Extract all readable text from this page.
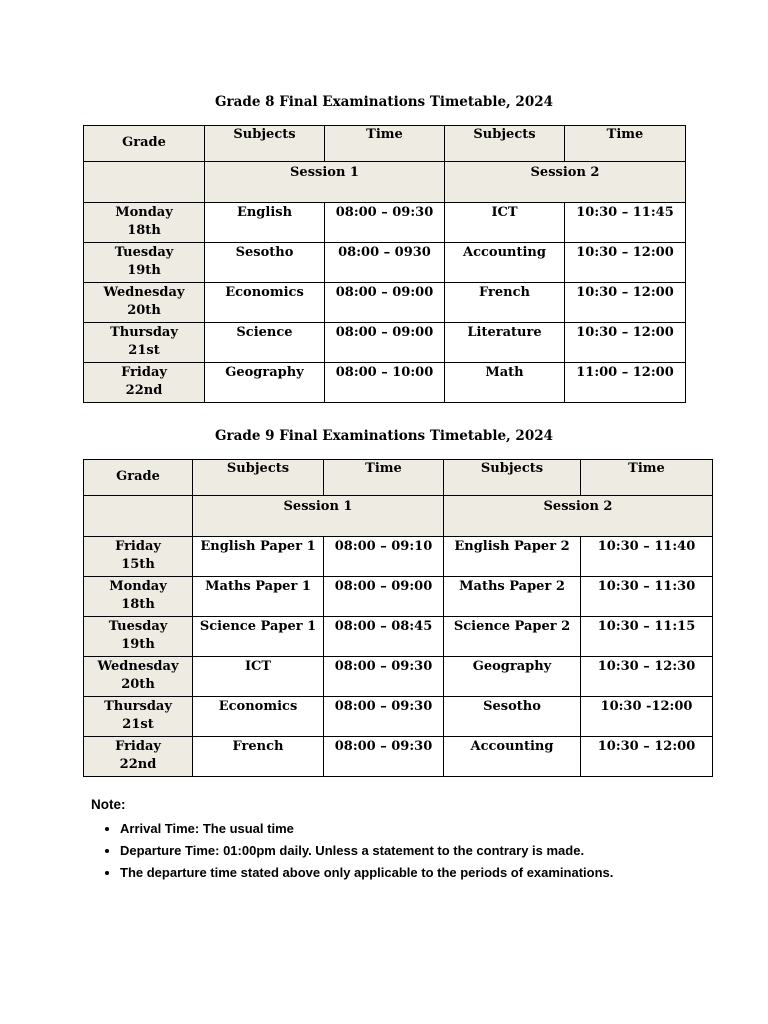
Grade 8 Final Examinations Timetable, 2024
Grade	Subjects	Time	Subjects	Time
	Session 1		Session 2	

Monday
18th	English	08:00 – 09:30	ICT	10:30 – 11:45

Tuesday
19th	Sesotho	08:00 – 0930	Accounting	10:30 – 12:00

Wednesday
20th	Economics	08:00 – 09:00	French	10:30 – 12:00

Thursday
21st	Science	08:00 – 09:00	Literature	10:30 – 12:00

Friday
22nd	Geography	08:00 – 10:00	Math	11:00 – 12:00
Grade 9 Final Examinations Timetable, 2024
Grade	Subjects	Time	Subjects	Time
	Session 1		Session 2	

Friday
15th	English Paper 1	08:00 – 09:10	English Paper 2	10:30 – 11:40

Monday
18th	Maths Paper 1	08:00 – 09:00	Maths Paper 2	10:30 – 11:30

Tuesday
19th	Science Paper 1	08:00 – 08:45	Science Paper 2	10:30 – 11:15

Wednesday
20th	ICT	08:00 – 09:30	Geography	10:30 – 12:30

Thursday
21st	Economics	08:00 – 09:30	Sesotho	10:30 -12:00

Friday
22nd	French	08:00 – 09:30	Accounting	10:30 – 12:00
Note:
• Arrival Time: The usual time
• Departure Time: 01:00pm daily. Unless a statement to the contrary is made.
• The departure time stated above only applicable to the periods of examinations.
